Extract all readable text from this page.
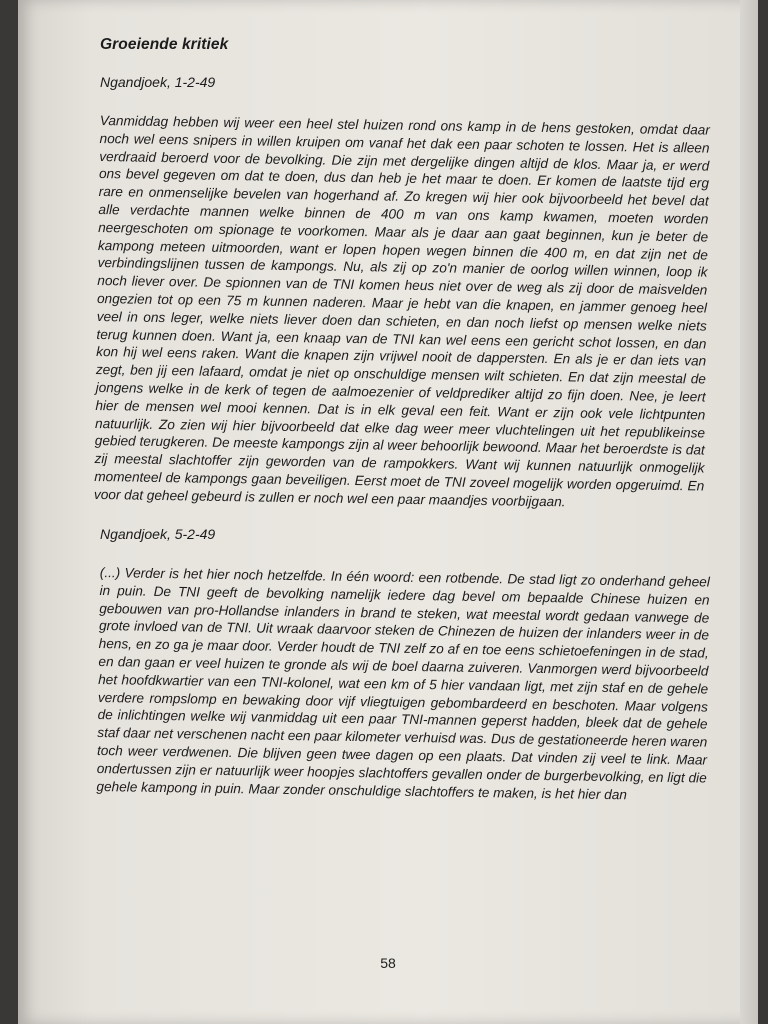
Groeiende kritiek
Ngandjoek, 1-2-49

Vanmiddag hebben wij weer een heel stel huizen rond ons kamp in de hens gestoken, omdat daar noch wel eens snipers in willen kruipen om vanaf het dak een paar schoten te lossen. Het is alleen verdraaid beroerd voor de bevolking. Die zijn met dergelijke dingen altijd de klos. Maar ja, er werd ons bevel gegeven om dat te doen, dus dan heb je het maar te doen. Er komen de laatste tijd erg rare en onmenselijke bevelen van hogerhand af. Zo kregen wij hier ook bijvoorbeeld het bevel dat alle verdachte mannen welke binnen de 400 m van ons kamp kwamen, moeten worden neergeschoten om spionage te voorkomen. Maar als je daar aan gaat beginnen, kun je beter de kampong meteen uitmoorden, want er lopen hopen wegen binnen die 400 m, en dat zijn net de verbindingslijnen tussen de kampongs. Nu, als zij op zo'n manier de oorlog willen winnen, loop ik noch liever over. De spionnen van de TNI komen heus niet over de weg als zij door de maisvelden ongezien tot op een 75 m kunnen naderen. Maar je hebt van die knapen, en jammer genoeg heel veel in ons leger, welke niets liever doen dan schieten, en dan noch liefst op mensen welke niets terug kunnen doen. Want ja, een knaap van de TNI kan wel eens een gericht schot lossen, en dan kon hij wel eens raken. Want die knapen zijn vrijwel nooit de dappersten. En als je er dan iets van zegt, ben jij een lafaard, omdat je niet op onschuldige mensen wilt schieten. En dat zijn meestal de jongens welke in de kerk of tegen de aalmoezenier of veldprediker altijd zo fijn doen. Nee, je leert hier de mensen wel mooi kennen. Dat is in elk geval een feit. Want er zijn ook vele lichtpunten natuurlijk. Zo zien wij hier bijvoorbeeld dat elke dag weer meer vluchtelingen uit het republikeinse gebied terugkeren. De meeste kampongs zijn al weer behoorlijk bewoond. Maar het beroerdste is dat zij meestal slachtoffer zijn geworden van de rampokkers. Want wij kunnen natuurlijk onmogelijk momenteel de kampongs gaan beveiligen. Eerst moet de TNI zoveel mogelijk worden opgeruimd. En voor dat geheel gebeurd is zullen er noch wel een paar maandjes voorbijgaan.

Ngandjoek, 5-2-49

(...) Verder is het hier noch hetzelfde. In één woord: een rotbende. De stad ligt zo onderhand geheel in puin. De TNI geeft de bevolking namelijk iedere dag bevel om bepaalde Chinese huizen en gebouwen van pro-Hollandse inlanders in brand te steken, wat meestal wordt gedaan vanwege de grote invloed van de TNI. Uit wraak daarvoor steken de Chinezen de huizen der inlanders weer in de hens, en zo ga je maar door. Verder houdt de TNI zelf zo af en toe eens schietoefeningen in de stad, en dan gaan er veel huizen te gronde als wij de boel daarna zuiveren. Vanmorgen werd bijvoorbeeld het hoofdkwartier van een TNI-kolonel, wat een km of 5 hier vandaan ligt, met zijn staf en de gehele verdere rompslomp en bewaking door vijf vliegtuigen gebombardeerd en beschoten. Maar volgens de inlichtingen welke wij vanmiddag uit een paar TNI-mannen geperst hadden, bleek dat de gehele staf daar net verschenen nacht een paar kilometer verhuisd was. Dus de gestationeerde heren waren toch weer verdwenen. Die blijven geen twee dagen op een plaats. Dat vinden zij veel te link. Maar ondertussen zijn er natuurlijk weer hoopjes slachtoffers gevallen onder de burgerbevolking, en ligt die gehele kampong in puin. Maar zonder onschuldige slachtoffers te maken, is het hier dan

58
